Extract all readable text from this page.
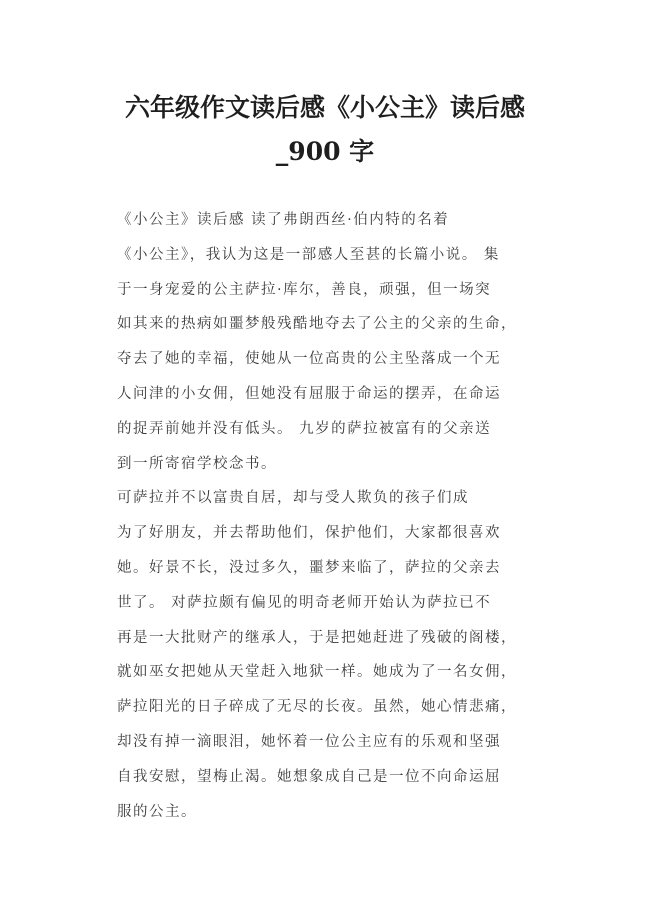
六年级作文读后感《小公主》读后感
_900 字
《小公主》读后感 读了弗朗西丝·伯内特的名着
《小公主》，我认为这是一部感人至甚的长篇小说。 集
于一身宠爱的公主萨拉·库尔，善良，顽强，但一场突
如其来的热病如噩梦般残酷地夺去了公主的父亲的生命，
夺去了她的幸福，使她从一位高贵的公主坠落成一个无
人问津的小女佣，但她没有屈服于命运的摆弄，在命运
的捉弄前她并没有低头。 九岁的萨拉被富有的父亲送
到一所寄宿学校念书。
可萨拉并不以富贵自居，却与受人欺负的孩子们成
为了好朋友，并去帮助他们，保护他们，大家都很喜欢
她。好景不长，没过多久，噩梦来临了，萨拉的父亲去
世了。 对萨拉颇有偏见的明奇老师开始认为萨拉已不
再是一大批财产的继承人，于是把她赶进了残破的阁楼，
就如巫女把她从天堂赶入地狱一样。她成为了一名女佣，
萨拉阳光的日子碎成了无尽的长夜。虽然，她心情悲痛，
却没有掉一滴眼泪，她怀着一位公主应有的乐观和坚强
自我安慰，望梅止渴。她想象成自己是一位不向命运屈
服的公主。
